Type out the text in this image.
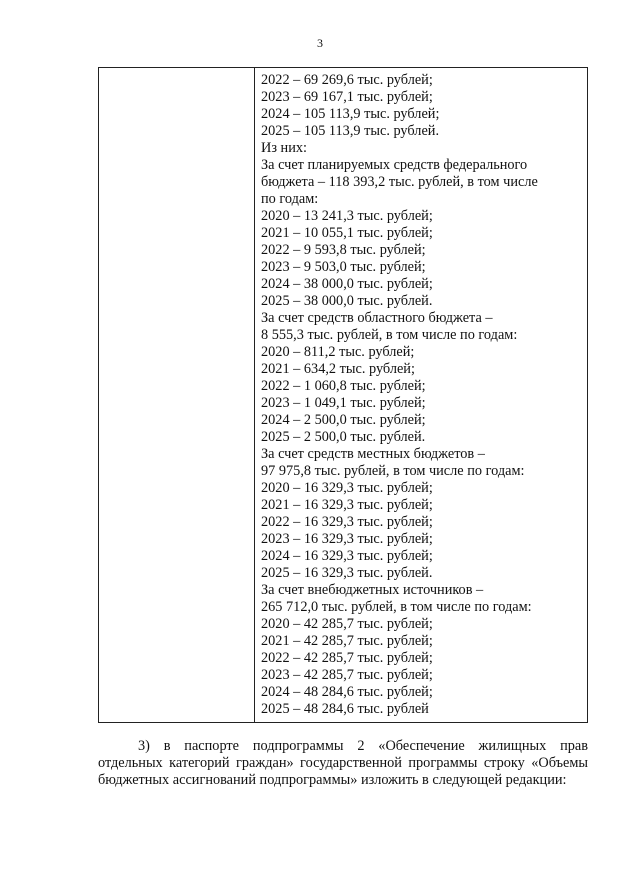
3
2022 – 69 269,6 тыс. рублей;
2023 – 69 167,1 тыс. рублей;
2024 – 105 113,9 тыс. рублей;
2025 – 105 113,9 тыс. рублей.
Из них:
За счет планируемых средств федерального
бюджета – 118 393,2 тыс. рублей, в том числе
по годам:
2020 – 13 241,3 тыс. рублей;
2021 – 10 055,1 тыс. рублей;
2022 – 9 593,8 тыс. рублей;
2023 – 9 503,0 тыс. рублей;
2024 – 38 000,0 тыс. рублей;
2025 – 38 000,0 тыс. рублей.
За счет средств областного бюджета –
8 555,3 тыс. рублей, в том числе по годам:
2020 – 811,2 тыс. рублей;
2021 – 634,2 тыс. рублей;
2022 – 1 060,8 тыс. рублей;
2023 – 1 049,1 тыс. рублей;
2024 – 2 500,0 тыс. рублей;
2025 – 2 500,0 тыс. рублей.
За счет средств местных бюджетов –
97 975,8 тыс. рублей, в том числе по годам:
2020 – 16 329,3 тыс. рублей;
2021 – 16 329,3 тыс. рублей;
2022 – 16 329,3 тыс. рублей;
2023 – 16 329,3 тыс. рублей;
2024 – 16 329,3 тыс. рублей;
2025 – 16 329,3 тыс. рублей.
За счет внебюджетных источников –
265 712,0 тыс. рублей, в том числе по годам:
2020 – 42 285,7 тыс. рублей;
2021 – 42 285,7 тыс. рублей;
2022 – 42 285,7 тыс. рублей;
2023 – 42 285,7 тыс. рублей;
2024 – 48 284,6 тыс. рублей;
2025 – 48 284,6 тыс. рублей
3) в паспорте подпрограммы 2 «Обеспечение жилищных прав
отдельных категорий граждан» государственной программы строку «Объемы
бюджетных ассигнований подпрограммы» изложить в следующей редакции:
